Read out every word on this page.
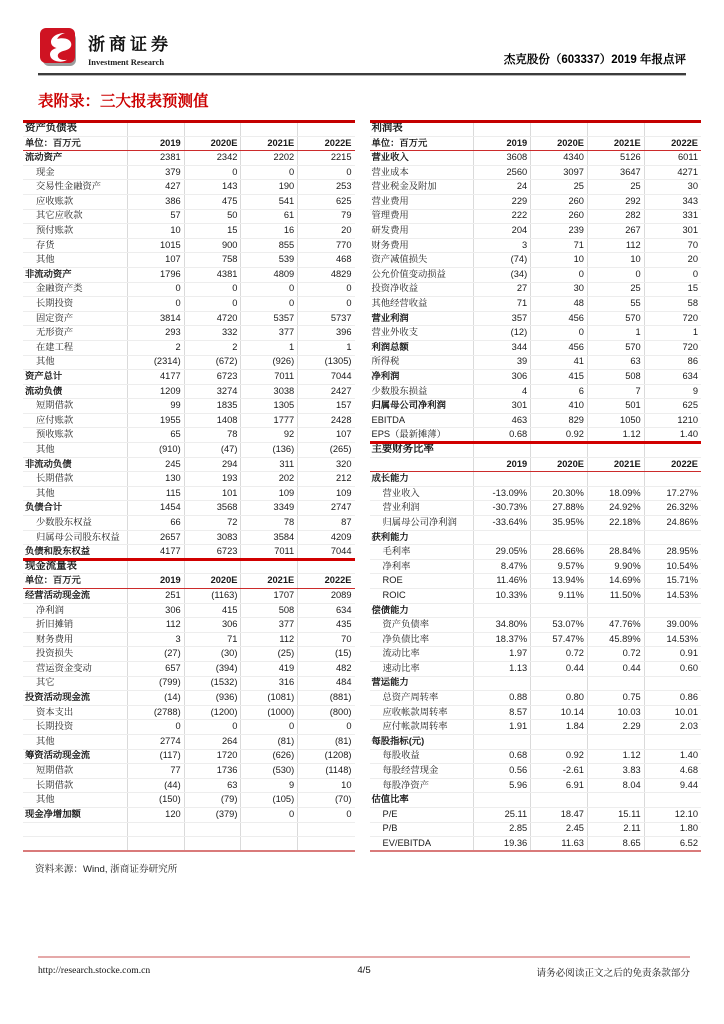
浙商证券
Investment Research	杰克股份（603337）2019 年报点评
表附录：三大报表预测值
资产负债表				
单位：百万元	2019	2020E	2021E	2022E
流动资产	2381	2342	2202	2215
现金	379	0	0	0
交易性金融资产	427	143	190	253
应收账款	386	475	541	625
其它应收款	57	50	61	79
预付账款	10	15	16	20
存货	1015	900	855	770
其他	107	758	539	468
非流动资产	1796	4381	4809	4829
金融资产类	0	0	0	0
长期投资	0	0	0	0
固定资产	3814	4720	5357	5737
无形资产	293	332	377	396
在建工程	2	2	1	1
其他	(2314)	(672)	(926)	(1305)
资产总计	4177	6723	7011	7044
流动负债	1209	3274	3038	2427
短期借款	99	1835	1305	157
应付账款	1955	1408	1777	2428
预收账款	65	78	92	107
其他	(910)	(47)	(136)	(265)
非流动负债	245	294	311	320
长期借款	130	193	202	212
其他	115	101	109	109
负债合计	1454	3568	3349	2747
少数股东权益	66	72	78	87
归属母公司股东权益	2657	3083	3584	4209
负债和股东权益	4177	6723	7011	7044
现金流量表				
单位：百万元	2019	2020E	2021E	2022E
经营活动现金流	251	(1163)	1707	2089
净利润	306	415	508	634
折旧摊销	112	306	377	435
财务费用	3	71	112	70
投资损失	(27)	(30)	(25)	(15)
营运资金变动	657	(394)	419	482
其它	(799)	(1532)	316	484
投资活动现金流	(14)	(936)	(1081)	(881)
资本支出	(2788)	(1200)	(1000)	(800)
长期投资	0	0	0	0
其他	2774	264	(81)	(81)
筹资活动现金流	(117)	1720	(626)	(1208)
短期借款	77	1736	(530)	(1148)
长期借款	(44)	63	9	10
其他	(150)	(79)	(105)	(70)
现金净增加额	120	(379)	0	0

资料来源：Wind, 浙商证券研究所
利润表				
单位：百万元	2019	2020E	2021E	2022E
营业收入	3608	4340	5126	6011
营业成本	2560	3097	3647	4271
营业税金及附加	24	25	25	30
营业费用	229	260	292	343
管理费用	222	260	282	331
研发费用	204	239	267	301
财务费用	3	71	112	70
资产减值损失	(74)	10	10	20
公允价值变动损益	(34)	0	0	0
投资净收益	27	30	25	15
其他经营收益	71	48	55	58
营业利润	357	456	570	720
营业外收支	(12)	0	1	1
利润总额	344	456	570	720
所得税	39	41	63	86
净利润	306	415	508	634
少数股东损益	4	6	7	9
归属母公司净利润	301	410	501	625
EBITDA	463	829	1050	1210
EPS（最新摊薄）	0.68	0.92	1.12	1.40
主要财务比率				
	2019	2020E	2021E	2022E
成长能力				
营业收入	-13.09%	20.30%	18.09%	17.27%
营业利润	-30.73%	27.88%	24.92%	26.32%
归属母公司净利润	-33.64%	35.95%	22.18%	24.86%
获利能力				
毛利率	29.05%	28.66%	28.84%	28.95%
净利率	8.47%	9.57%	9.90%	10.54%
ROE	11.46%	13.94%	14.69%	15.71%
ROIC	10.33%	9.11%	11.50%	14.53%
偿债能力				
资产负债率	34.80%	53.07%	47.76%	39.00%
净负债比率	18.37%	57.47%	45.89%	14.53%
流动比率	1.97	0.72	0.72	0.91
速动比率	1.13	0.44	0.44	0.60
营运能力				
总资产周转率	0.88	0.80	0.75	0.86
应收帐款周转率	8.57	10.14	10.03	10.01
应付帐款周转率	1.91	1.84	2.29	2.03
每股指标(元)				
每股收益	0.68	0.92	1.12	1.40
每股经营现金	0.56	-2.61	3.83	4.68
每股净资产	5.96	6.91	8.04	9.44
估值比率				
P/E	25.11	18.47	15.11	12.10
P/B	2.85	2.45	2.11	1.80
EV/EBITDA	19.36	11.63	8.65	6.52
http://research.stocke.com.cn	4/5	请务必阅读正文之后的免责条款部分
